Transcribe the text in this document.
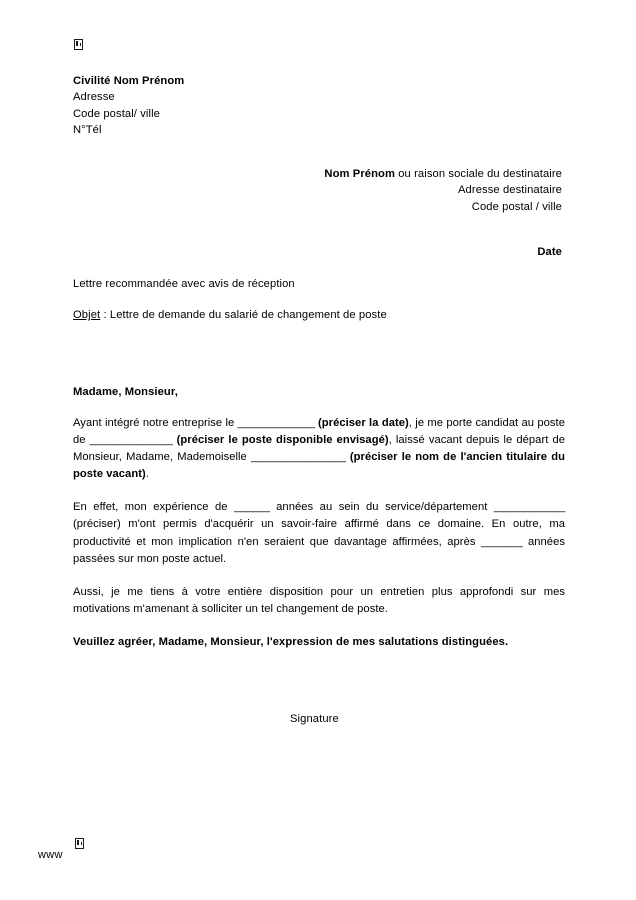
Civilité Nom Prénom
Adresse
Code postal/ ville
N°Tél
Nom Prénom ou raison sociale du destinataire
Adresse destinataire
Code postal / ville
Date
Lettre recommandée avec avis de réception
Objet : Lettre de demande du salarié de changement de poste
Madame, Monsieur,

Ayant intégré notre entreprise le _____________ (préciser la date), je me porte candidat au poste de ______________ (préciser le poste disponible envisagé), laissé vacant depuis le départ de Monsieur, Madame, Mademoiselle ________________ (préciser le nom de l'ancien titulaire du poste vacant).

En effet, mon expérience de ______ années au sein du service/département ____________ (préciser) m'ont permis d'acquérir un savoir-faire affirmé dans ce domaine. En outre, ma productivité et mon implication n'en seraient que davantage affirmées, après _______ années passées sur mon poste actuel.

Aussi, je me tiens à votre entière disposition pour un entretien plus approfondi sur mes motivations m'amenant à solliciter un tel changement de poste.

Veuillez agréer, Madame, Monsieur, l'expression de mes salutations distinguées.
Signature
www
